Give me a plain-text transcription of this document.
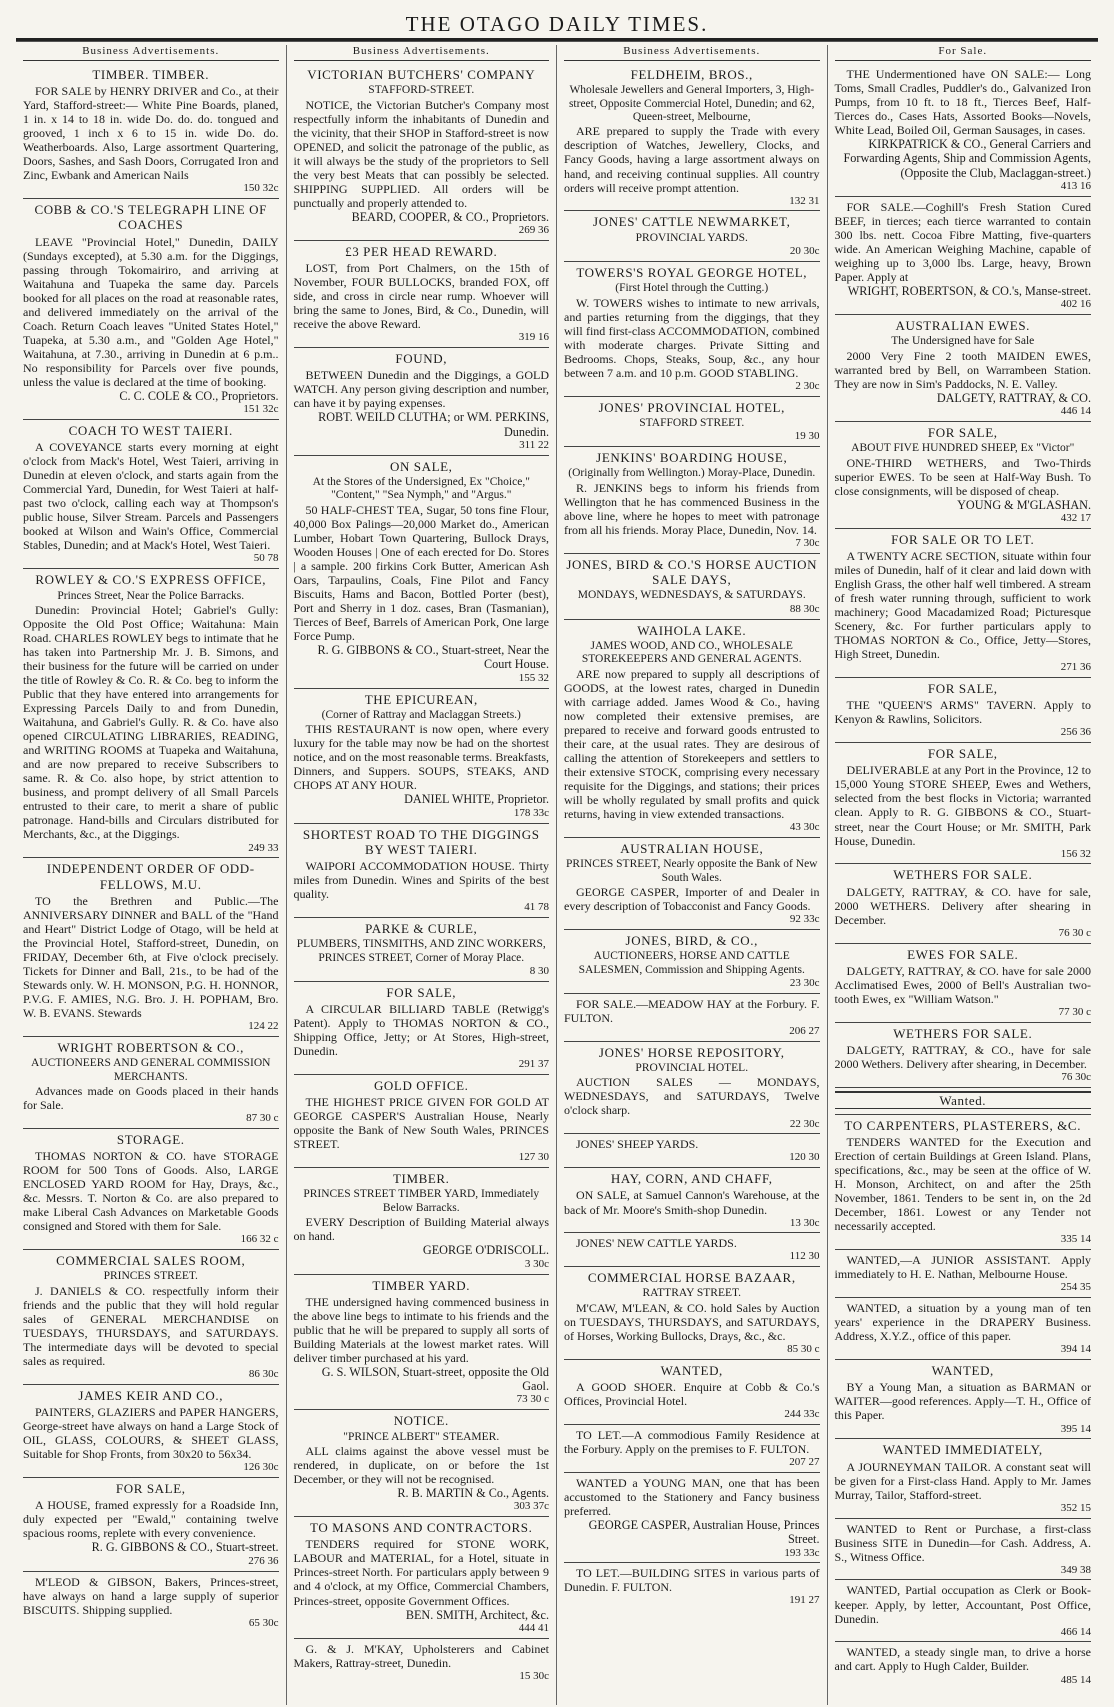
THE OTAGO DAILY TIMES.
Business Advertisements.
TIMBER. TIMBER.

FOR SALE by HENRY DRIVER and Co., at their Yard, Stafford-street:— White Pine Boards, planed, 1 in. x 14 to 18 in. wide Do. do. do. tongued and grooved, 1 inch x 6 to 15 in. wide Do. do. Weatherboards. Also, Large assortment Quartering, Doors, Sashes, and Sash Doors, Corrugated Iron and Zinc, Ewbank and American Nails

150 32c
COBB & CO.'S TELEGRAPH LINE OF COACHES

LEAVE "Provincial Hotel," Dunedin, DAILY (Sundays excepted), at 5.30 a.m. for the Diggings, passing through Tokomairiro, and arriving at Waitahuna and Tuapeka the same day. Parcels booked for all places on the road at reasonable rates, and delivered immediately on the arrival of the Coach. Return Coach leaves "United States Hotel," Tuapeka, at 5.30 a.m., and "Golden Age Hotel," Waitahuna, at 7.30., arriving in Dunedin at 6 p.m.. No responsibility for Parcels over five pounds, unless the value is declared at the time of booking.

C. C. COLE & CO., Proprietors.
151 32c
COACH TO WEST TAIERI.

A COVEYANCE starts every morning at eight o'clock from Mack's Hotel, West Taieri, arriving in Dunedin at eleven o'clock, and starts again from the Commercial Yard, Dunedin, for West Taieri at half-past two o'clock, calling each way at Thompson's public house, Silver Stream. Parcels and Passengers booked at Wilson and Wain's Office, Commercial Stables, Dunedin; and at Mack's Hotel, West Taieri.

50 78
ROWLEY & CO.'S EXPRESS OFFICE,
Princes Street, Near the Police Barracks.

Dunedin: Provincial Hotel; Gabriel's Gully: Opposite the Old Post Office; Waitahuna: Main Road. CHARLES ROWLEY begs to intimate that he has taken into Partnership Mr. J. B. Simons, and their business for the future will be carried on under the title of Rowley & Co. R. & Co. beg to inform the Public that they have entered into arrangements for Expressing Parcels Daily to and from Dunedin, Waitahuna, and Gabriel's Gully. R. & Co. have also opened CIRCULATING LIBRARIES, READING, and WRITING ROOMS at Tuapeka and Waitahuna, and are now prepared to receive Subscribers to same. R. & Co. also hope, by strict attention to business, and prompt delivery of all Small Parcels entrusted to their care, to merit a share of public patronage. Hand-bills and Circulars distributed for Merchants, &c., at the Diggings.

249 33
INDEPENDENT ORDER OF ODD-FELLOWS, M.U.

TO the Brethren and Public.—The ANNIVERSARY DINNER and BALL of the "Hand and Heart" District Lodge of Otago, will be held at the Provincial Hotel, Stafford-street, Dunedin, on FRIDAY, December 6th, at Five o'clock precisely. Tickets for Dinner and Ball, 21s., to be had of the Stewards only. W. H. MONSON, P.G. H. HONNOR, P.V.G. F. AMIES, N.G. Bro. J. H. POPHAM, Bro. W. B. EVANS. Stewards

124 22
WRIGHT ROBERTSON & CO.,
AUCTIONEERS AND GENERAL COMMISSION MERCHANTS.

Advances made on Goods placed in their hands for Sale.

87 30 c
STORAGE.

THOMAS NORTON & CO. have STORAGE ROOM for 500 Tons of Goods. Also, LARGE ENCLOSED YARD ROOM for Hay, Drays, &c., &c. Messrs. T. Norton & Co. are also prepared to make Liberal Cash Advances on Marketable Goods consigned and Stored with them for Sale.

166 32 c
COMMERCIAL SALES ROOM,
PRINCES STREET.

J. DANIELS & CO. respectfully inform their friends and the public that they will hold regular sales of GENERAL MERCHANDISE on TUESDAYS, THURSDAYS, and SATURDAYS. The intermediate days will be devoted to special sales as required.

86 30c
JAMES KEIR AND CO.,

PAINTERS, GLAZIERS and PAPER HANGERS, George-street have always on hand a Large Stock of OIL, GLASS, COLOURS, & SHEET GLASS, Suitable for Shop Fronts, from 30x20 to 56x34.

126 30c
FOR SALE,

A HOUSE, framed expressly for a Roadside Inn, duly expected per "Ewald," containing twelve spacious rooms, replete with every convenience.

R. G. GIBBONS & CO., Stuart-street.
276 36

M'LEOD & GIBSON, Bakers, Princes-street, have always on hand a large supply of superior BISCUITS. Shipping supplied.

65 30c
Business Advertisements.
VICTORIAN BUTCHERS' COMPANY
STAFFORD-STREET.

NOTICE, the Victorian Butcher's Company most respectfully inform the inhabitants of Dunedin and the vicinity, that their SHOP in Stafford-street is now OPENED, and solicit the patronage of the public, as it will always be the study of the proprietors to Sell the very best Meats that can possibly be selected. SHIPPING SUPPLIED. All orders will be punctually and properly attended to.

BEARD, COOPER, & CO., Proprietors.
269 36
£3 PER HEAD REWARD.

LOST, from Port Chalmers, on the 15th of November, FOUR BULLOCKS, branded FOX, off side, and cross in circle near rump. Whoever will bring the same to Jones, Bird, & Co., Dunedin, will receive the above Reward.

319 16
FOUND,

BETWEEN Dunedin and the Diggings, a GOLD WATCH. Any person giving description and number, can have it by paying expenses.

ROBT. WEILD CLUTHA; or WM. PERKINS, Dunedin.
311 22
ON SALE,
At the Stores of the Undersigned, Ex "Choice," "Content," "Sea Nymph," and "Argus."

50 HALF-CHEST TEA, Sugar, 50 tons fine Flour, 40,000 Box Palings—20,000 Market do., American Lumber, Hobart Town Quartering, Bullock Drays, Wooden Houses | One of each erected for Do. Stores | a sample. 200 firkins Cork Butter, American Ash Oars, Tarpaulins, Coals, Fine Pilot and Fancy Biscuits, Hams and Bacon, Bottled Porter (best), Port and Sherry in 1 doz. cases, Bran (Tasmanian), Tierces of Beef, Barrels of American Pork, One large Force Pump.

R. G. GIBBONS & CO., Stuart-street, Near the Court House.
155 32
THE EPICUREAN,
(Corner of Rattray and Maclaggan Streets.)

THIS RESTAURANT is now open, where every luxury for the table may now be had on the shortest notice, and on the most reasonable terms. Breakfasts, Dinners, and Suppers. SOUPS, STEAKS, AND CHOPS AT ANY HOUR.

DANIEL WHITE, Proprietor.
178 33c
SHORTEST ROAD TO THE DIGGINGS BY WEST TAIERI.

WAIPORI ACCOMMODATION HOUSE. Thirty miles from Dunedin. Wines and Spirits of the best quality.

41 78
PARKE & CURLE,
PLUMBERS, TINSMITHS, AND ZINC WORKERS, PRINCES STREET, Corner of Moray Place.
8 30
FOR SALE,

A CIRCULAR BILLIARD TABLE (Retwigg's Patent). Apply to THOMAS NORTON & CO., Shipping Office, Jetty; or At Stores, High-street, Dunedin.

291 37
GOLD OFFICE.

THE HIGHEST PRICE GIVEN FOR GOLD AT GEORGE CASPER'S Australian House, Nearly opposite the Bank of New South Wales, PRINCES STREET.

127 30
TIMBER.
PRINCES STREET TIMBER YARD, Immediately Below Barracks.

EVERY Description of Building Material always on hand.

GEORGE O'DRISCOLL.
3 30c
TIMBER YARD.

THE undersigned having commenced business in the above line begs to intimate to his friends and the public that he will be prepared to supply all sorts of Building Materials at the lowest market rates. Will deliver timber purchased at his yard.

G. S. WILSON, Stuart-street, opposite the Old Gaol.
73 30 c
NOTICE.
"PRINCE ALBERT" STEAMER.

ALL claims against the above vessel must be rendered, in duplicate, on or before the 1st December, or they will not be recognised.

R. B. MARTIN & Co., Agents.
303 37c
TO MASONS AND CONTRACTORS.

TENDERS required for STONE WORK, LABOUR and MATERIAL, for a Hotel, situate in Princes-street North. For particulars apply between 9 and 4 o'clock, at my Office, Commercial Chambers, Princes-street, opposite Government Offices.

BEN. SMITH, Architect, &c.
444 41

G. & J. M'KAY, Upholsterers and Cabinet Makers, Rattray-street, Dunedin.

15 30c
Business Advertisements.
FELDHEIM, BROS.,
Wholesale Jewellers and General Importers, 3, High-street, Opposite Commercial Hotel, Dunedin; and 62, Queen-street, Melbourne,

ARE prepared to supply the Trade with every description of Watches, Jewellery, Clocks, and Fancy Goods, having a large assortment always on hand, and receiving continual supplies. All country orders will receive prompt attention.

132 31
JONES' CATTLE NEWMARKET,
PROVINCIAL YARDS.
20 30c
TOWERS'S ROYAL GEORGE HOTEL,
(First Hotel through the Cutting.)

W. TOWERS wishes to intimate to new arrivals, and parties returning from the diggings, that they will find first-class ACCOMMODATION, combined with moderate charges. Private Sitting and Bedrooms. Chops, Steaks, Soup, &c., any hour between 7 a.m. and 10 p.m. GOOD STABLING.

2 30c
JONES' PROVINCIAL HOTEL,
STAFFORD STREET.
19 30
JENKINS' BOARDING HOUSE,
(Originally from Wellington.) Moray-Place, Dunedin.

R. JENKINS begs to inform his friends from Wellington that he has commenced Business in the above line, where he hopes to meet with patronage from all his friends. Moray Place, Dunedin, Nov. 14.

7 30c
JONES, BIRD & CO.'S HORSE AUCTION SALE DAYS,
MONDAYS, WEDNESDAYS, & SATURDAYS.
88 30c
WAIHOLA LAKE.
JAMES WOOD, AND CO., WHOLESALE STOREKEEPERS AND GENERAL AGENTS.

ARE now prepared to supply all descriptions of GOODS, at the lowest rates, charged in Dunedin with carriage added. James Wood & Co., having now completed their extensive premises, are prepared to receive and forward goods entrusted to their care, at the usual rates. They are desirous of calling the attention of Storekeepers and settlers to their extensive STOCK, comprising every necessary requisite for the Diggings, and stations; their prices will be wholly regulated by small profits and quick returns, having in view extended transactions.

43 30c
AUSTRALIAN HOUSE,
PRINCES STREET, Nearly opposite the Bank of New South Wales.

GEORGE CASPER, Importer of and Dealer in every description of Tobacconist and Fancy Goods.

92 33c
JONES, BIRD, & CO.,
AUCTIONEERS, HORSE AND CATTLE SALESMEN, Commission and Shipping Agents.
23 30c

FOR SALE.—MEADOW HAY at the Forbury. F. FULTON.

206 27
JONES' HORSE REPOSITORY,
PROVINCIAL HOTEL.

AUCTION SALES — MONDAYS, WEDNESDAYS, and SATURDAYS, Twelve o'clock sharp.

22 30c

JONES' SHEEP YARDS.

120 30
HAY, CORN, AND CHAFF,

ON SALE, at Samuel Cannon's Warehouse, at the back of Mr. Moore's Smith-shop Dunedin.

13 30c

JONES' NEW CATTLE YARDS.

112 30
COMMERCIAL HORSE BAZAAR,
RATTRAY STREET.

M'CAW, M'LEAN, & CO. hold Sales by Auction on TUESDAYS, THURSDAYS, and SATURDAYS, of Horses, Working Bullocks, Drays, &c., &c.

85 30 c
WANTED,

A GOOD SHOER. Enquire at Cobb & Co.'s Offices, Provincial Hotel.

244 33c

TO LET.—A commodious Family Residence at the Forbury. Apply on the premises to F. FULTON.

207 27

WANTED a YOUNG MAN, one that has been accustomed to the Stationery and Fancy business preferred.

GEORGE CASPER, Australian House, Princes Street.
193 33c

TO LET.—BUILDING SITES in various parts of Dunedin. F. FULTON.

191 27
For Sale.

THE Undermentioned have ON SALE:— Long Toms, Small Cradles, Puddler's do., Galvanized Iron Pumps, from 10 ft. to 18 ft., Tierces Beef, Half-Tierces do., Cases Hats, Assorted Books—Novels, White Lead, Boiled Oil, German Sausages, in cases.

KIRKPATRICK & CO., General Carriers and Forwarding Agents, Ship and Commission Agents, (Opposite the Club, Maclaggan-street.)
413 16

FOR SALE.—Coghill's Fresh Station Cured BEEF, in tierces; each tierce warranted to contain 300 lbs. nett. Cocoa Fibre Matting, five-quarters wide. An American Weighing Machine, capable of weighing up to 3,000 lbs. Large, heavy, Brown Paper. Apply at

WRIGHT, ROBERTSON, & CO.'s, Manse-street.
402 16
AUSTRALIAN EWES.
The Undersigned have for Sale

2000 Very Fine 2 tooth MAIDEN EWES, warranted bred by Bell, on Warrambeen Station. They are now in Sim's Paddocks, N. E. Valley.

DALGETY, RATTRAY, & CO.
446 14
FOR SALE,
ABOUT FIVE HUNDRED SHEEP, Ex "Victor"

ONE-THIRD WETHERS, and Two-Thirds superior EWES. To be seen at Half-Way Bush. To close consignments, will be disposed of cheap.

YOUNG & M'GLASHAN.
432 17
FOR SALE OR TO LET.

A TWENTY ACRE SECTION, situate within four miles of Dunedin, half of it clear and laid down with English Grass, the other half well timbered. A stream of fresh water running through, sufficient to work machinery; Good Macadamized Road; Picturesque Scenery, &c. For further particulars apply to THOMAS NORTON & Co., Office, Jetty—Stores, High Street, Dunedin.

271 36
FOR SALE,

THE "QUEEN'S ARMS" TAVERN. Apply to Kenyon & Rawlins, Solicitors.

256 36
FOR SALE,

DELIVERABLE at any Port in the Province, 12 to 15,000 Young STORE SHEEP, Ewes and Wethers, selected from the best flocks in Victoria; warranted clean. Apply to R. G. GIBBONS & CO., Stuart-street, near the Court House; or Mr. SMITH, Park House, Dunedin.

156 32
WETHERS FOR SALE.

DALGETY, RATTRAY, & CO. have for sale, 2000 WETHERS. Delivery after shearing in December.

76 30 c
EWES FOR SALE.

DALGETY, RATTRAY, & CO. have for sale 2000 Acclimatised Ewes, 2000 of Bell's Australian two-tooth Ewes, ex "William Watson."

77 30 c
WETHERS FOR SALE.

DALGETY, RATTRAY, & CO., have for sale 2000 Wethers. Delivery after shearing, in December.

76 30c
Wanted.
TO CARPENTERS, PLASTERERS, &C.

TENDERS WANTED for the Execution and Erection of certain Buildings at Green Island. Plans, specifications, &c., may be seen at the office of W. H. Monson, Architect, on and after the 25th November, 1861. Tenders to be sent in, on the 2d December, 1861. Lowest or any Tender not necessarily accepted.

335 14

WANTED,—A JUNIOR ASSISTANT. Apply immediately to H. E. Nathan, Melbourne House.

254 35

WANTED, a situation by a young man of ten years' experience in the DRAPERY Business. Address, X.Y.Z., office of this paper.

394 14
WANTED,

BY a Young Man, a situation as BARMAN or WAITER—good references. Apply—T. H., Office of this Paper.

395 14
WANTED IMMEDIATELY,

A JOURNEYMAN TAILOR. A constant seat will be given for a First-class Hand. Apply to Mr. James Murray, Tailor, Stafford-street.

352 15

WANTED to Rent or Purchase, a first-class Business SITE in Dunedin—for Cash. Address, A. S., Witness Office.

349 38

WANTED, Partial occupation as Clerk or Book-keeper. Apply, by letter, Accountant, Post Office, Dunedin.

466 14

WANTED, a steady single man, to drive a horse and cart. Apply to Hugh Calder, Builder.

485 14
